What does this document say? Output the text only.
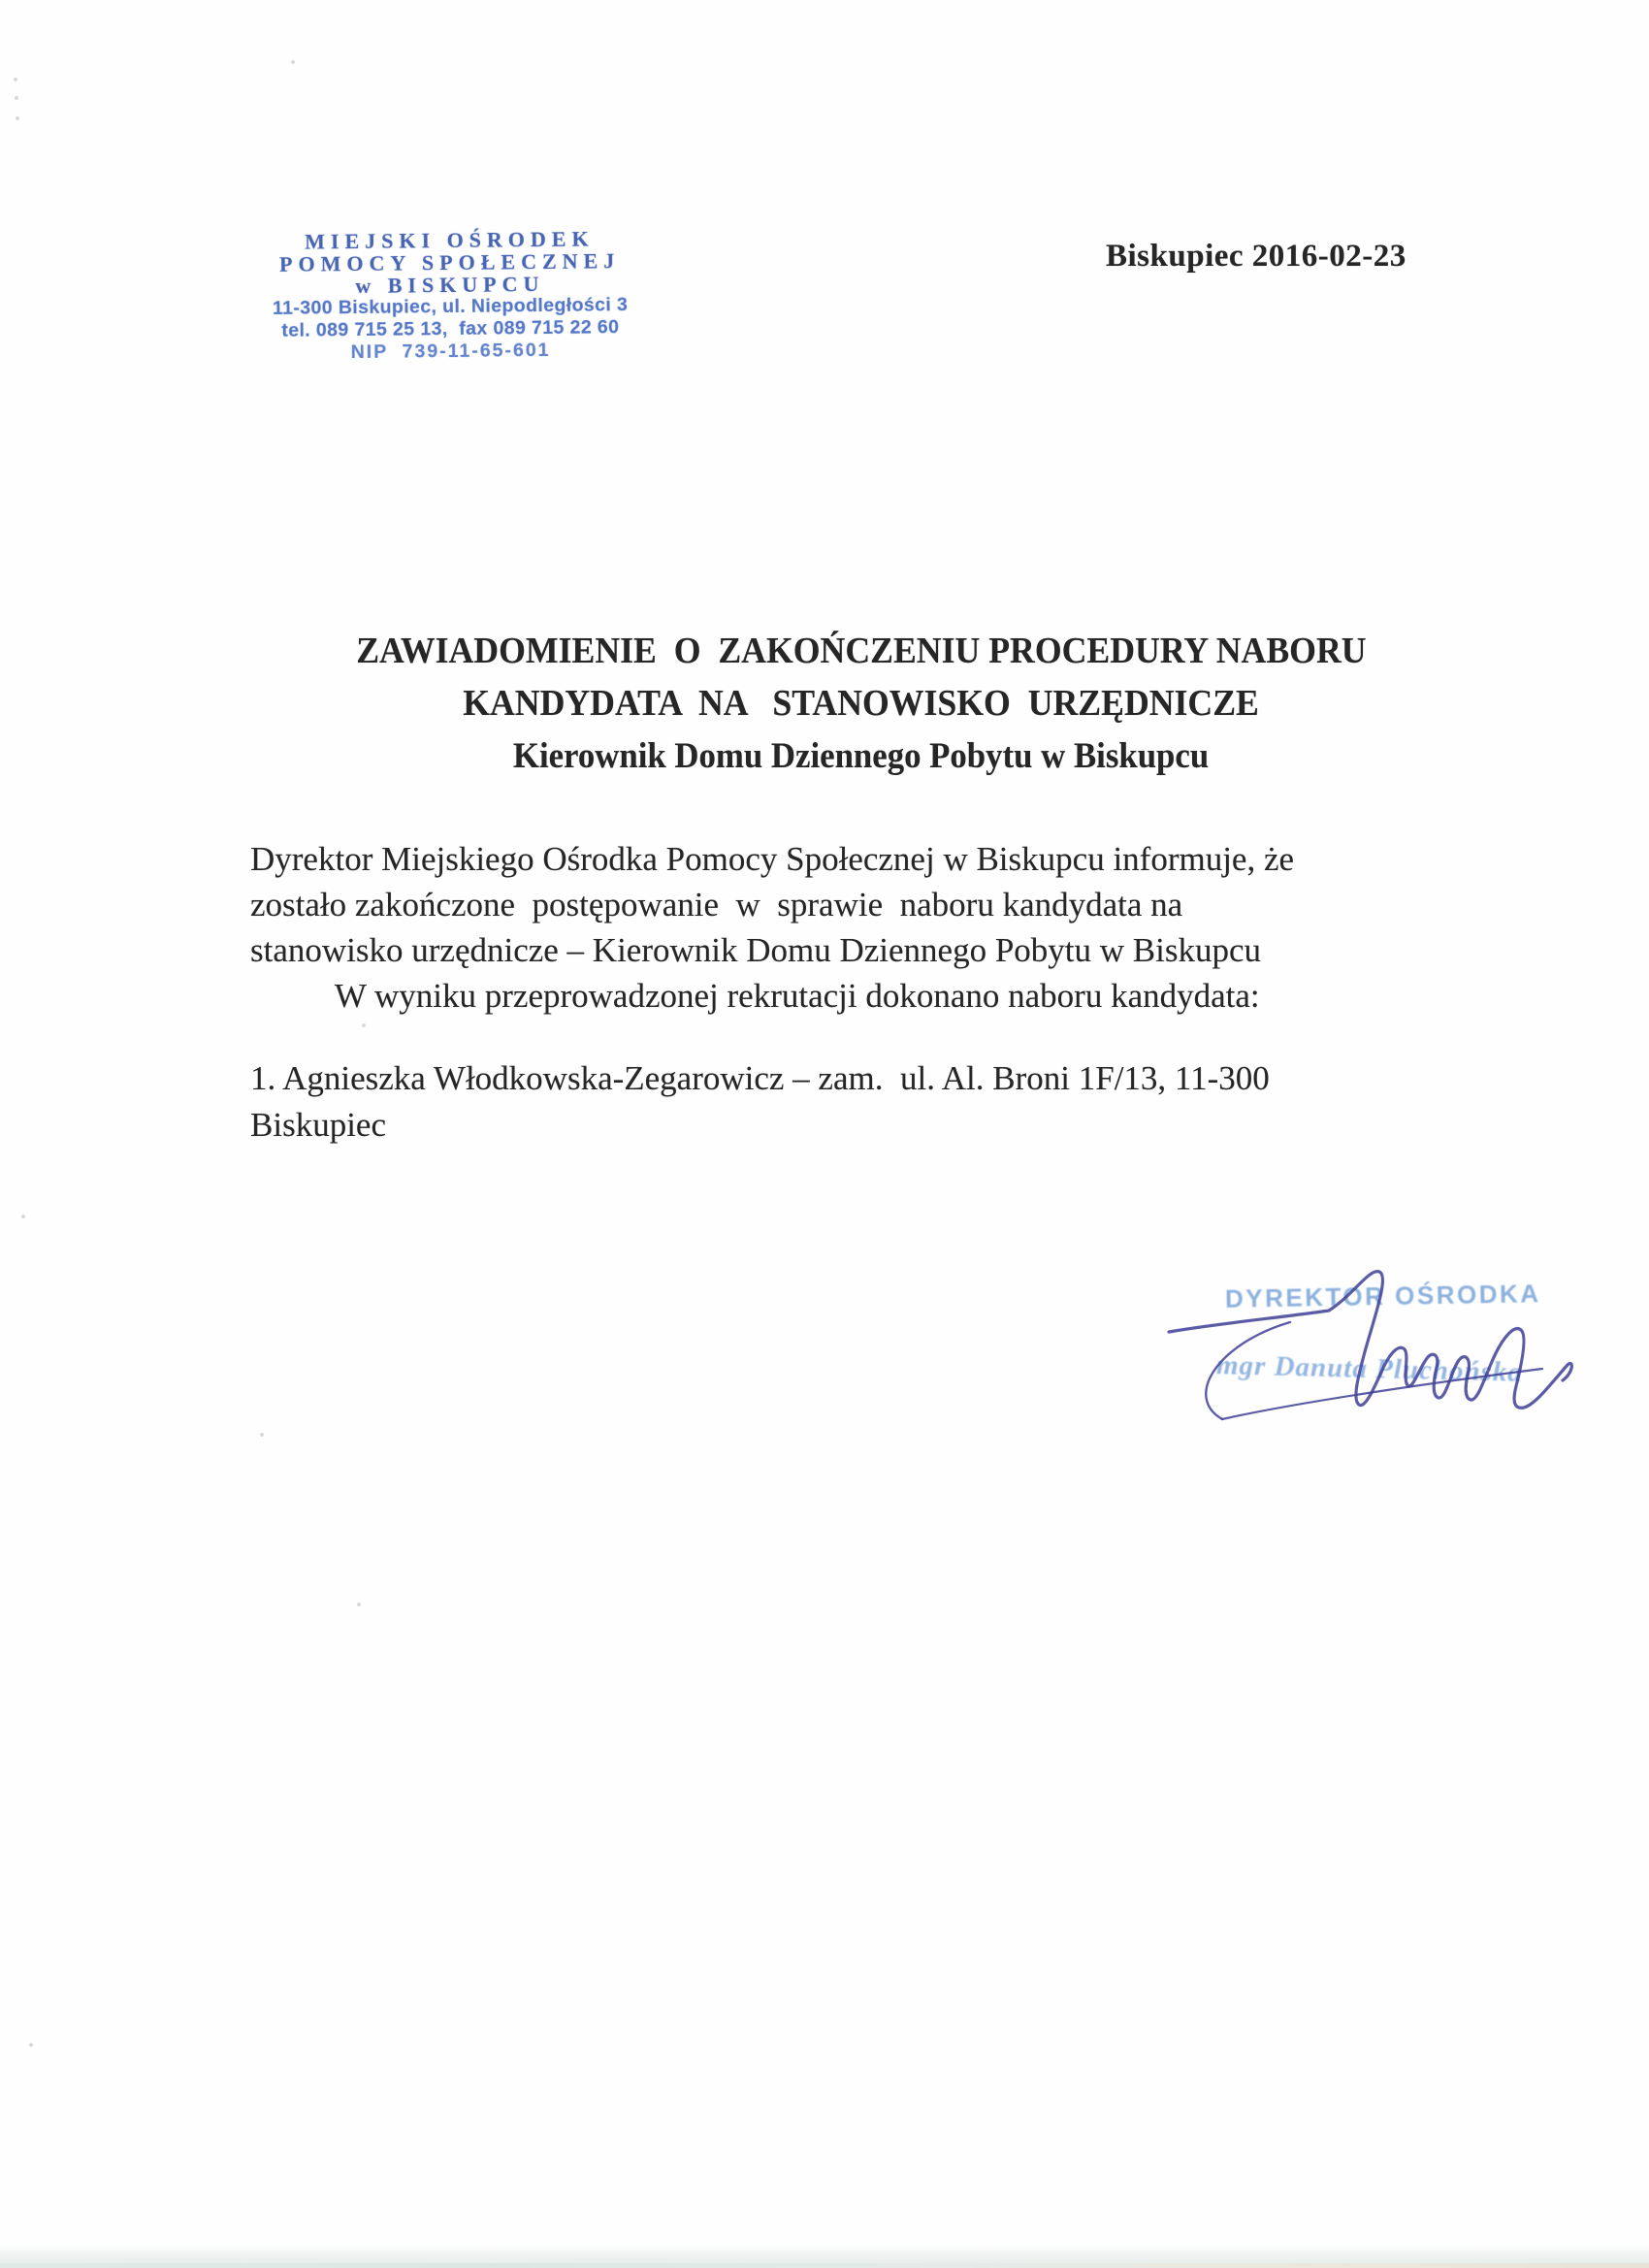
MIEJSKI OŚRODEK
POMOCY SPOŁECZNEJ
w BISKUPCU
11-300 Biskupiec, ul. Niepodległości 3
tel. 089 715 25 13,  fax 089 715 22 60
NIP  739-11-65-601
Biskupiec 2016-02-23
ZAWIADOMIENIE  O  ZAKOŃCZENIU PROCEDURY NABORU
KANDYDATA  NA   STANOWISKO  URZĘDNICZE
Kierownik Domu Dziennego Pobytu w Biskupcu
Dyrektor Miejskiego Ośrodka Pomocy Społecznej w Biskupcu informuje, że
zostało zakończone  postępowanie  w  sprawie  naboru kandydata na
stanowisko urzędnicze – Kierownik Domu Dziennego Pobytu w Biskupcu
W wyniku przeprowadzonej rekrutacji dokonano naboru kandydata:
1. Agnieszka Włodkowska-Zegarowicz – zam.  ul. Al. Broni 1F/13, 11-300
Biskupiec
DYREKTOR OŚRODKA
mgr Danuta Pluchońska
